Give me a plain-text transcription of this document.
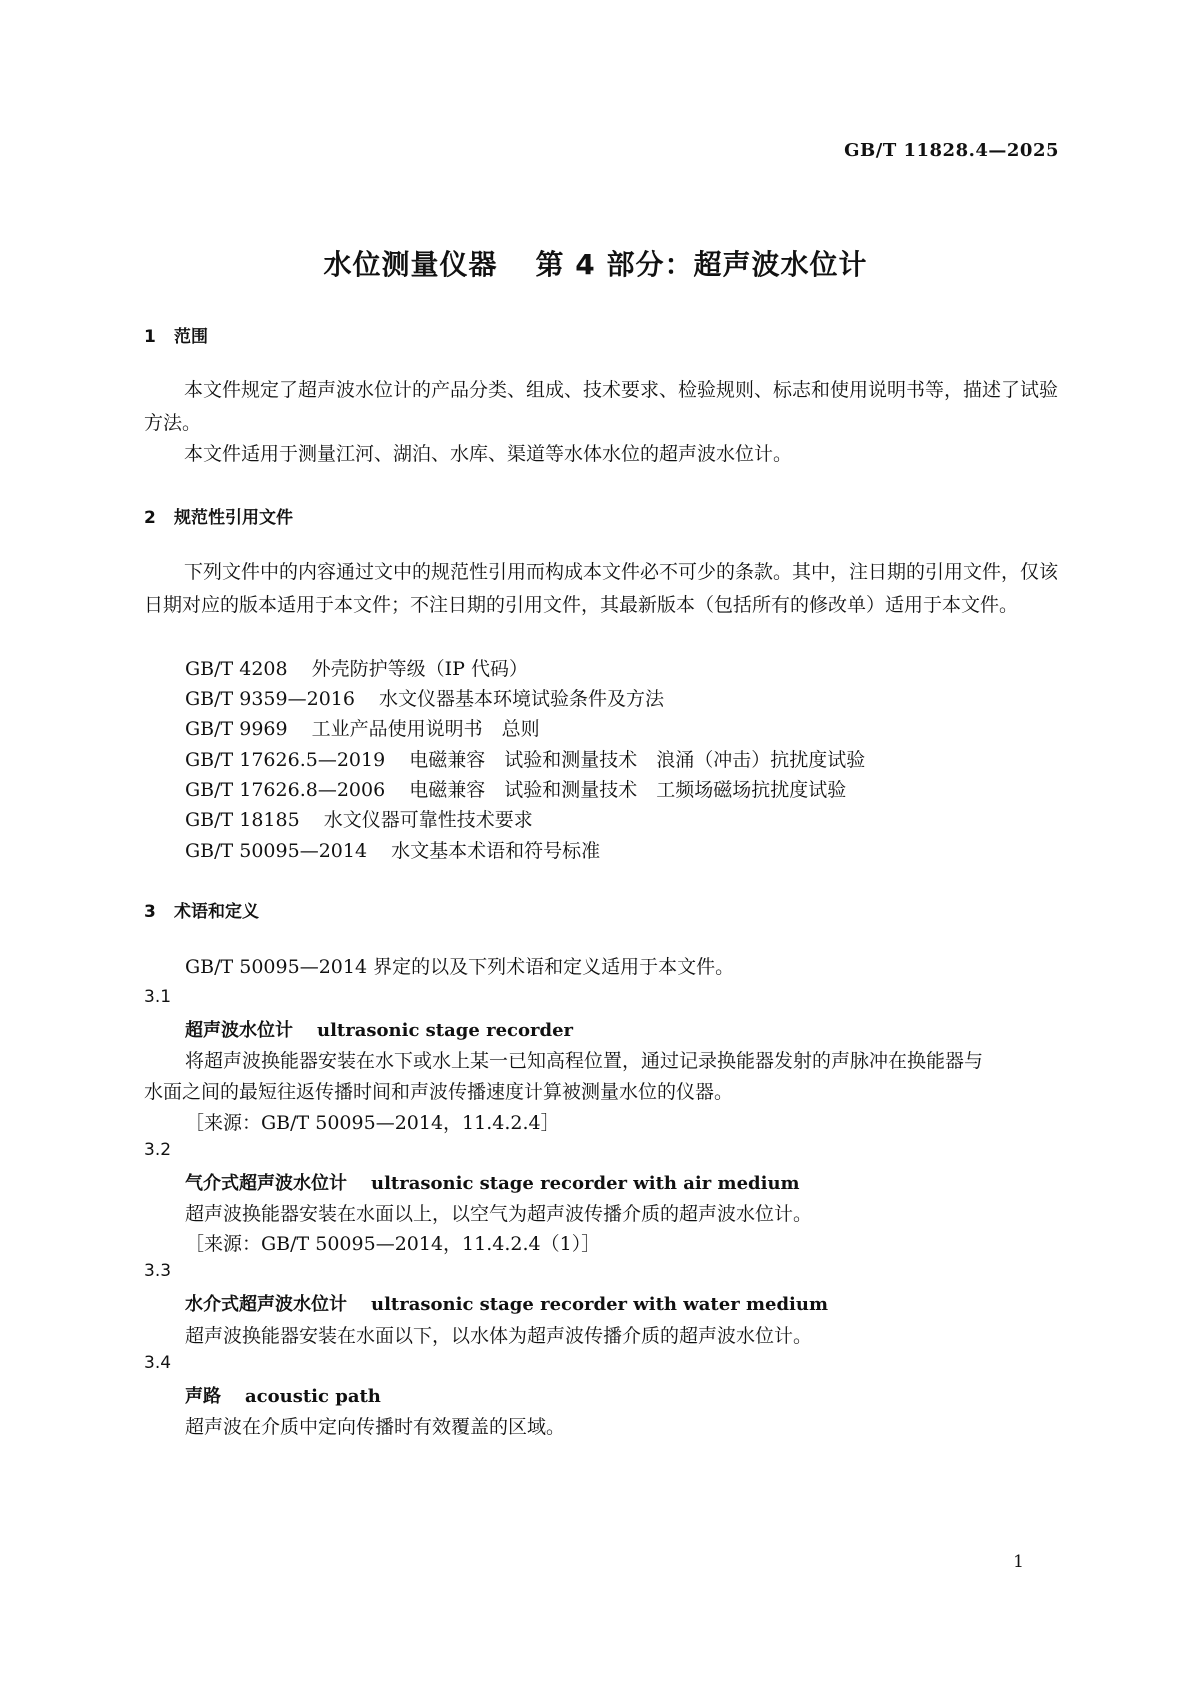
GB/T 11828.4—2025
水位测量仪器 第 4 部分：超声波水位计
1 范围
本文件规定了超声波水位计的产品分类、组成、技术要求、检验规则、标志和使用说明书等，描述了试验方法。
本文件适用于测量江河、湖泊、水库、渠道等水体水位的超声波水位计。
2 规范性引用文件
下列文件中的内容通过文中的规范性引用而构成本文件必不可少的条款。其中，注日期的引用文件，仅该日期对应的版本适用于本文件；不注日期的引用文件，其最新版本（包括所有的修改单）适用于本文件。
GB/T 4208 外壳防护等级（IP 代码）
GB/T 9359—2016 水文仪器基本环境试验条件及方法
GB/T 9969 工业产品使用说明书　总则
GB/T 17626.5—2019 电磁兼容　试验和测量技术　浪涌（冲击）抗扰度试验
GB/T 17626.8—2006 电磁兼容　试验和测量技术　工频场磁场抗扰度试验
GB/T 18185 水文仪器可靠性技术要求
GB/T 50095—2014 水文基本术语和符号标准
3 术语和定义
GB/T 50095—2014 界定的以及下列术语和定义适用于本文件。
3.1
超声波水位计 ultrasonic stage recorder
将超声波换能器安装在水下或水上某一已知高程位置，通过记录换能器发射的声脉冲在换能器与
水面之间的最短往返传播时间和声波传播速度计算被测量水位的仪器。
［来源：GB/T 50095—2014，11.4.2.4］
3.2
气介式超声波水位计 ultrasonic stage recorder with air medium
超声波换能器安装在水面以上，以空气为超声波传播介质的超声波水位计。
［来源：GB/T 50095—2014，11.4.2.4（1）］
3.3
水介式超声波水位计 ultrasonic stage recorder with water medium
超声波换能器安装在水面以下，以水体为超声波传播介质的超声波水位计。
3.4
声路 acoustic path
超声波在介质中定向传播时有效覆盖的区域。
1
